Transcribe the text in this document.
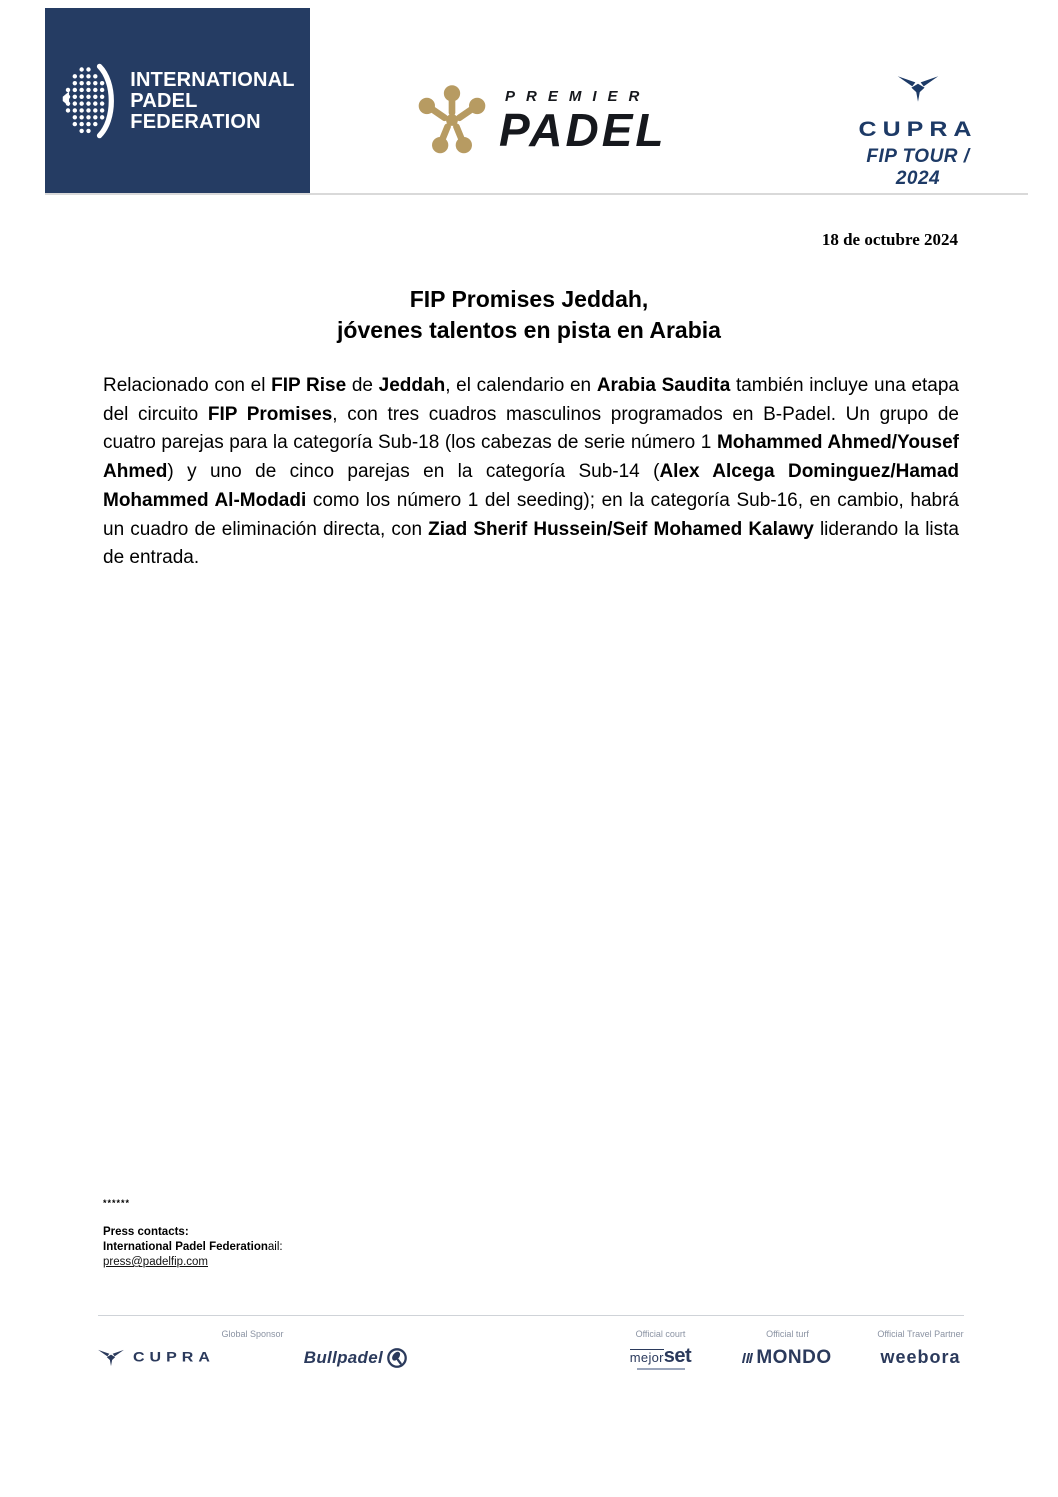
INTERNATIONAL
PADEL
FEDERATION
PREMIER
PADEL	CUPRA
FIP TOUR / 2024
18 de octubre 2024
FIP Promises Jeddah,
jóvenes talentos en pista en Arabia

Relacionado con el FIP Rise de Jeddah, el calendario en Arabia Saudita también incluye una etapa del circuito FIP Promises, con tres cuadros masculinos programados en B-Padel. Un grupo de cuatro parejas para la categoría Sub-18 (los cabezas de serie número 1 Mohammed Ahmed/Yousef Ahmed) y uno de cinco parejas en la categoría Sub-14 (Alex Alcega Dominguez/Hamad Mohammed Al-Modadi como los número 1 del seeding); en la categoría Sub-16, en cambio, habrá un cuadro de eliminación directa, con Ziad Sherif Hussein/Seif Mohamed Kalawy liderando la lista de entrada.

******
Press contacts:
International Padel Federationail:
press@padelfip.com
Global Sponsor
CUPRA	Bullpadel
Official court
mejorset
Official turf
MONDO
Official Travel Partner
weebora
